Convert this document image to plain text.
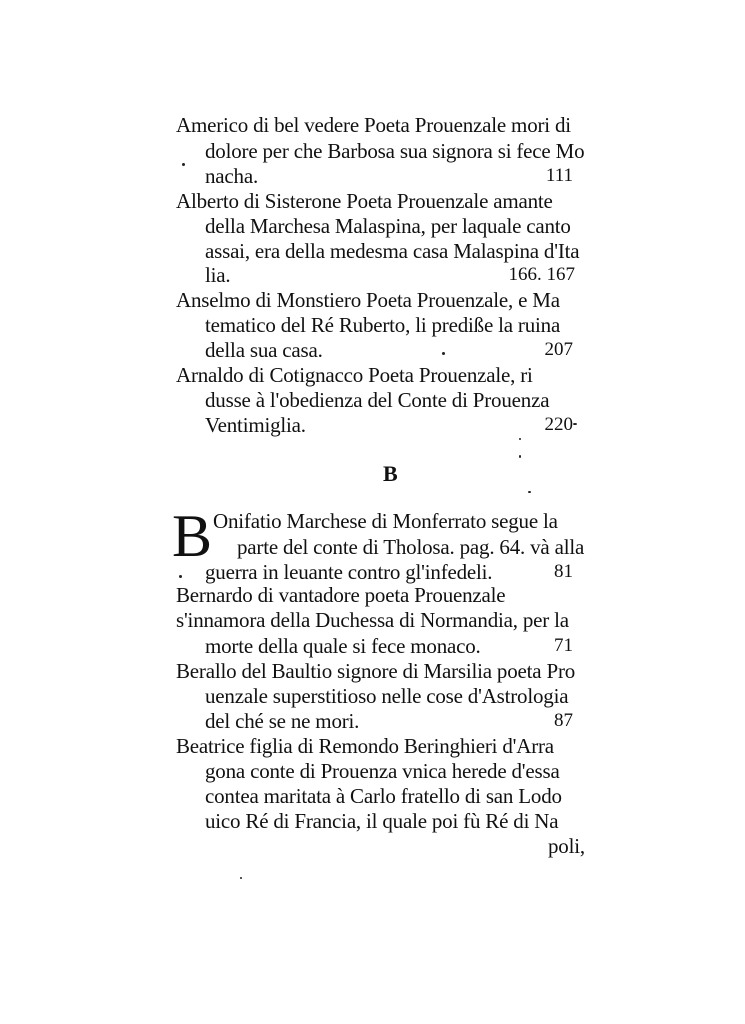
Americo di bel vedere Poeta Prouenzale mori di
dolore per che Barbosa sua signora si fece Mo
nacha.	111
Alberto di Sisterone Poeta Prouenzale amante
della Marchesa Malaspina, per laquale canto
assai, era della medesma casa Malaspina d'Ita
lia.	166. 167
Anselmo di Monstiero Poeta Prouenzale, e Ma
tematico del Ré Ruberto, li prediße la ruina
della sua casa.	207
Arnaldo di Cotignacco Poeta Prouenzale, ri
dusse à l'obedienza del Conte di Prouenza
Ventimiglia.	220
B
B Onifatio Marchese di Monferrato segue la
parte del conte di Tholosa. pag. 64. và alla
guerra in leuante contro gl'infedeli.	81
Bernardo di vantadore poeta Prouenzale s'innamora della Duchessa di Normandia, per la
morte della quale si fece monaco.	71
Berallo del Baultio signore di Marsilia poeta Pro
uenzale superstitioso nelle cose d'Astrologia
del ché se ne mori.	87
Beatrice figlia di Remondo Beringhieri d'Arra
gona conte di Prouenza vnica herede d'essa
contea maritata à Carlo fratello di san Lodo
uico Ré di Francia, il quale poi fù Ré di Na
poli,
